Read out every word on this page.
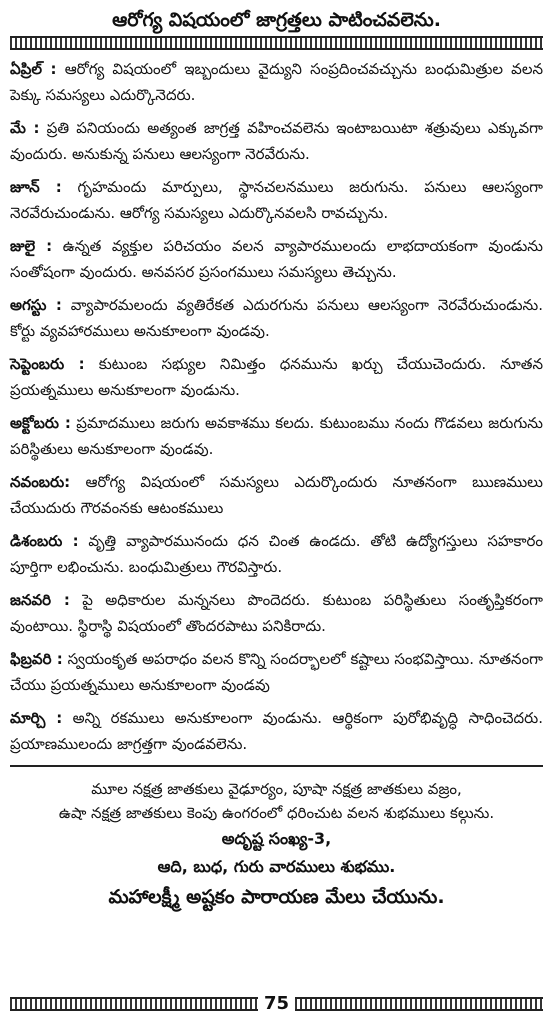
ఆరోగ్య విషయంలో జాగ్రత్తలు పాటించవలెను.
ఏప్రిల్ : ఆరోగ్య విషయంలో ఇబ్బందులు వైద్యుని సంప్రదించవచ్చును బంధుమిత్రుల వలన పెక్కు సమస్యలు ఎదుర్కొనెదరు.
మే : ప్రతి పనియందు అత్యంత జాగ్రత్త వహించవలెను ఇంటాబయిటా శత్రువులు ఎక్కువగా వుందురు. అనుకున్న పనులు ఆలస్యంగా నెరవేరును.
జూన్ : గృహమందు మార్పులు, స్థానచలనములు జరుగును. పనులు ఆలస్యంగా నెరవేరుచుండును. ఆరోగ్య సమస్యలు ఎదుర్కొనవలసి రావచ్చును.
జులై : ఉన్నత వ్యక్తుల పరిచయం వలన వ్యాపారములందు లాభదాయకంగా వుండును సంతోషంగా వుందురు. అనవసర ప్రసంగములు సమస్యలు తెచ్చును.
అగస్టు : వ్యాపారమలందు వ్యతిరేకత ఎదురగును పనులు ఆలస్యంగా నెరవేరుచుండును. కోర్టు వ్యవహారములు అనుకూలంగా వుండవు.
సెప్టెంబరు : కుటుంబ సభ్యుల నిమిత్తం ధనమును ఖర్చు చేయుచెందురు. నూతన ప్రయత్నములు అనుకూలంగా వుండును.
అక్టోబరు : ప్రమాదములు జరుగు అవకాశము కలదు. కుటుంబము నందు గొడవలు జరుగును పరిస్థితులు అనుకూలంగా వుండవు.
నవంబరు: ఆరోగ్య విషయంలో సమస్యలు ఎదుర్కొందురు నూతనంగా ఋణములు చేయుదురు గౌరవంనకు ఆటంకములు
డిశంబరు : వృత్తి వ్యాపారమునందు ధన చింత ఉండదు. తోటి ఉద్యోగస్తులు సహకారం పూర్తిగా లభించును. బంధుమిత్రులు గౌరవిస్తారు.
జనవరి : పై అధికారుల మన్ననలు పొందెదరు. కుటుంబ పరిస్థితులు సంతృప్తికరంగా వుంటాయి. స్థిరాస్థి విషయంలో తొందరపాటు పనికిరాదు.
ఫిబ్రవరి : స్వయంకృత అపరాధం వలన కొన్ని సందర్భాలలో కష్టాలు సంభవిస్తాయి. నూతనంగా చేయు ప్రయత్నములు అనుకూలంగా వుండవు
మార్చి : అన్ని రకములు అనుకూలంగా వుండును. ఆర్థికంగా పురోభివృద్ధి సాధించెదరు. ప్రయాణములందు జాగ్రత్తగా వుండవలెను.
మూల నక్షత్ర జాతకులు వైఢూర్యం, పూషా నక్షత్ర జాతకులు వజ్రం,
ఉషా నక్షత్ర జాతకులు కెంపు ఉంగరంలో ధరించుట వలన శుభములు కల్గును.
అదృష్ట సంఖ్య-3,
ఆది, బుధ, గురు వారములు శుభము.
మహాలక్ష్మీ అష్టకం పారాయణ మేలు చేయును.
75
